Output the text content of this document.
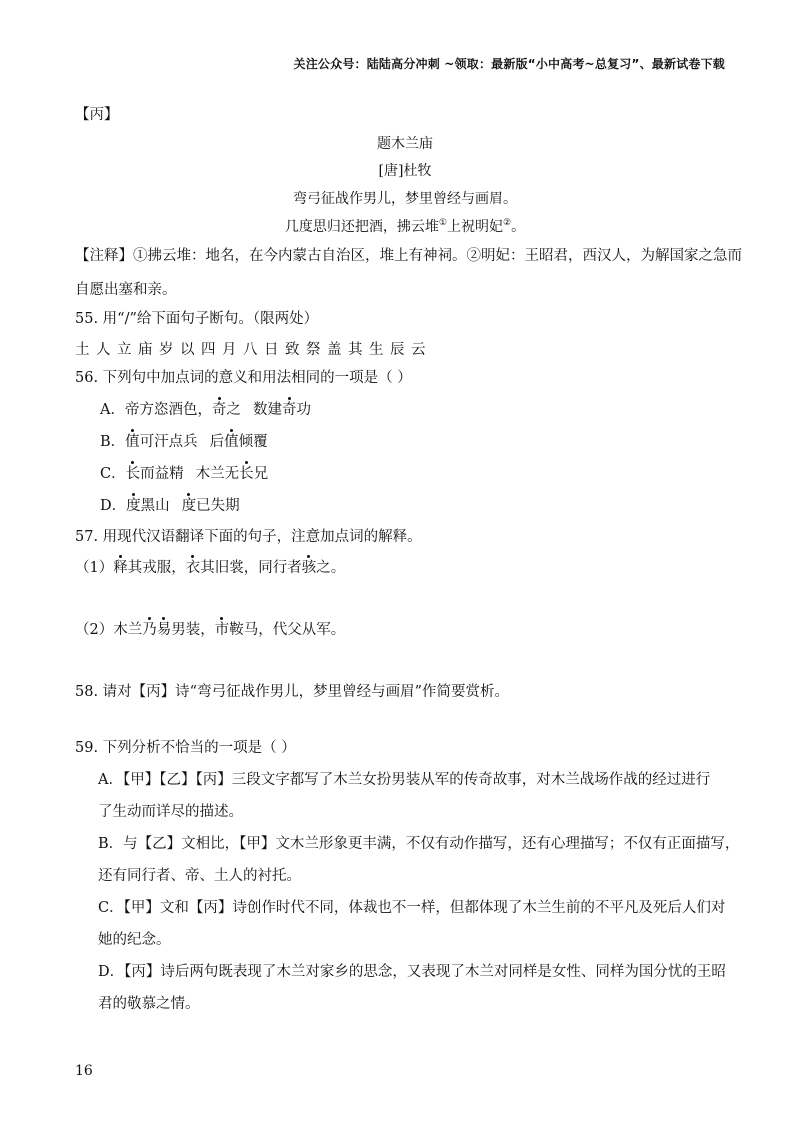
关注公众号：陆陆高分冲刺 ~领取：最新版“小中高考~总复习”、最新试卷下载
【丙】
题木兰庙
[唐]杜牧
弯弓征战作男儿，梦里曾经与画眉。
几度思归还把酒，拂云堆①上祝明妃②。
【注释】①拂云堆：地名，在今内蒙古自治区，堆上有神祠。②明妃：王昭君，西汉人，为解国家之急而
自愿出塞和亲。
55. 用“/”给下面句子断句。（限两处）
土人立庙岁以四月八日致祭盖其生辰云
56. 下列句中加点词的意义和用法相同的一项是（ ）
A．帝方恣酒色，奇之 数建奇功
B．值可汗点兵 后值倾覆
C．长而益精 木兰无长兄
D．度黑山 度已失期
57. 用现代汉语翻译下面的句子，注意加点词的解释。
（1）释其戎服，衣其旧裳，同行者骇之。
（2）木兰乃易男装，市鞍马，代父从军。
58. 请对【丙】诗“弯弓征战作男儿，梦里曾经与画眉”作简要赏析。
59. 下列分析不恰当的一项是（ ）
A．【甲】【乙】【丙】三段文字都写了木兰女扮男装从军的传奇故事，对木兰战场作战的经过进行
了生动而详尽的描述。
B．与【乙】文相比，【甲】文木兰形象更丰满，不仅有动作描写，还有心理描写；不仅有正面描写，
还有同行者、帝、土人的衬托。
C．【甲】文和【丙】诗创作时代不同，体裁也不一样，但都体现了木兰生前的不平凡及死后人们对
她的纪念。
D．【丙】诗后两句既表现了木兰对家乡的思念，又表现了木兰对同样是女性、同样为国分忧的王昭
君的敬慕之情。
16
